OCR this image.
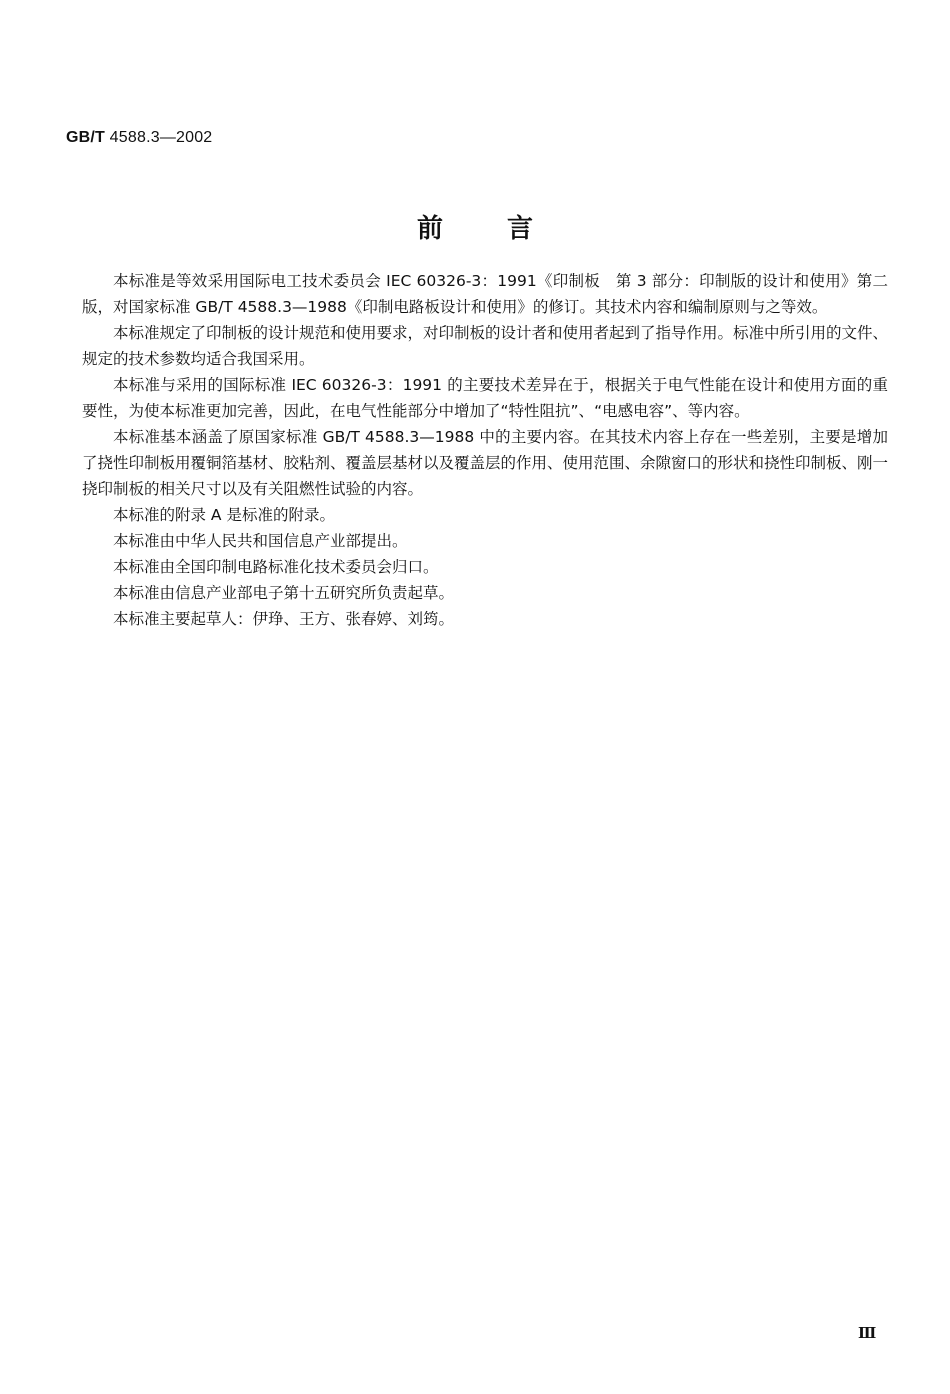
GB/T 4588.3—2002
前言

本标准是等效采用国际电工技术委员会 IEC 60326-3：1991《印制板　第 3 部分：印制版的设计和使用》第二版，对国家标准 GB/T 4588.3—1988《印制电路板设计和使用》的修订。其技术内容和编制原则与之等效。

本标准规定了印制板的设计规范和使用要求，对印制板的设计者和使用者起到了指导作用。标准中所引用的文件、规定的技术参数均适合我国采用。

本标准与采用的国际标准 IEC 60326-3：1991 的主要技术差异在于，根据关于电气性能在设计和使用方面的重要性，为使本标准更加完善，因此，在电气性能部分中增加了“特性阻抗”、“电感电容”、等内容。

本标准基本涵盖了原国家标准 GB/T 4588.3—1988 中的主要内容。在其技术内容上存在一些差别，主要是增加了挠性印制板用覆铜箔基材、胶粘剂、覆盖层基材以及覆盖层的作用、使用范围、余隙窗口的形状和挠性印制板、刚一挠印制板的相关尺寸以及有关阻燃性试验的内容。

本标准的附录 A 是标准的附录。

本标准由中华人民共和国信息产业部提出。

本标准由全国印制电路标准化技术委员会归口。

本标准由信息产业部电子第十五研究所负责起草。

本标准主要起草人：伊琤、王方、张春婷、刘筠。

Ⅲ
